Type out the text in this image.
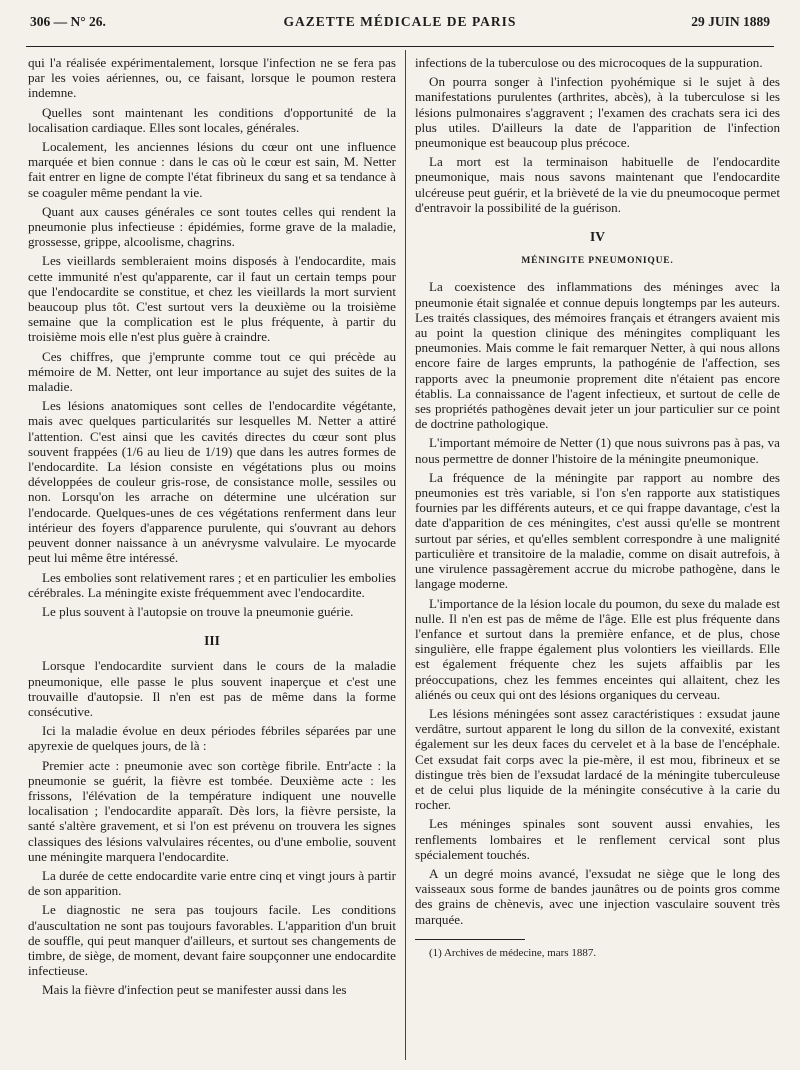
306 — N° 26.	GAZETTE MÉDICALE DE PARIS	29 JUIN 1889

qui l'a réalisée expérimentalement, lorsque l'infection ne se fera pas par les voies aériennes, ou, ce faisant, lorsque le poumon restera indemne.

Quelles sont maintenant les conditions d'opportunité de la localisation cardiaque. Elles sont locales, générales.

Localement, les anciennes lésions du cœur ont une influence marquée et bien connue : dans le cas où le cœur est sain, M. Netter fait entrer en ligne de compte l'état fibrineux du sang et sa tendance à se coaguler même pendant la vie.

Quant aux causes générales ce sont toutes celles qui rendent la pneumonie plus infectieuse : épidémies, forme grave de la maladie, grossesse, grippe, alcoolisme, chagrins.

Les vieillards sembleraient moins disposés à l'endocardite, mais cette immunité n'est qu'apparente, car il faut un certain temps pour que l'endocardite se constitue, et chez les vieillards la mort survient beaucoup plus tôt. C'est surtout vers la deuxième ou la troisième semaine que la complication est le plus fréquente, à partir du troisième mois elle n'est plus guère à craindre.

Ces chiffres, que j'emprunte comme tout ce qui précède au mémoire de M. Netter, ont leur importance au sujet des suites de la maladie.

Les lésions anatomiques sont celles de l'endocardite végétante, mais avec quelques particularités sur lesquelles M. Netter a attiré l'attention. C'est ainsi que les cavités directes du cœur sont plus souvent frappées (1/6 au lieu de 1/19) que dans les autres formes de l'endocardite. La lésion consiste en végétations plus ou moins développées de couleur gris-rose, de consistance molle, sessiles ou non. Lorsqu'on les arrache on détermine une ulcération sur l'endocarde. Quelques-unes de ces végétations renferment dans leur intérieur des foyers d'apparence purulente, qui s'ouvrant au dehors peuvent donner naissance à un anévrysme valvulaire. Le myocarde peut lui même être intéressé.

Les embolies sont relativement rares ; et en particulier les embolies cérébrales. La méningite existe fréquemment avec l'endocardite.

Le plus souvent à l'autopsie on trouve la pneumonie guérie.

III

Lorsque l'endocardite survient dans le cours de la maladie pneumonique, elle passe le plus souvent inaperçue et c'est une trouvaille d'autopsie. Il n'en est pas de même dans la forme consécutive.

Ici la maladie évolue en deux périodes fébriles séparées par une apyrexie de quelques jours, de là :

Premier acte : pneumonie avec son cortège fibrile. Entr'acte : la pneumonie se guérit, la fièvre est tombée. Deuxième acte : les frissons, l'élévation de la température indiquent une nouvelle localisation ; l'endocardite apparaît. Dès lors, la fièvre persiste, la santé s'altère gravement, et si l'on est prévenu on trouvera les signes classiques des lésions valvulaires récentes, ou d'une embolie, souvent une méningite marquera l'endocardite.

La durée de cette endocardite varie entre cinq et vingt jours à partir de son apparition.

Le diagnostic ne sera pas toujours facile. Les conditions d'auscultation ne sont pas toujours favorables. L'apparition d'un bruit de souffle, qui peut manquer d'ailleurs, et surtout ses changements de timbre, de siège, de moment, devant faire soupçonner une endocardite infectieuse.

Mais la fièvre d'infection peut se manifester aussi dans les

infections de la tuberculose ou des microcoques de la suppuration.

On pourra songer à l'infection pyohémique si le sujet à des manifestations purulentes (arthrites, abcès), à la tuberculose si les lésions pulmonaires s'aggravent ; l'examen des crachats sera ici des plus utiles. D'ailleurs la date de l'apparition de l'infection pneumonique est beaucoup plus précoce.

La mort est la terminaison habituelle de l'endocardite pneumonique, mais nous savons maintenant que l'endocardite ulcéreuse peut guérir, et la brièveté de la vie du pneumocoque permet d'entravoir la possibilité de la guérison.

IV
MÉNINGITE PNEUMONIQUE.

La coexistence des inflammations des méninges avec la pneumonie était signalée et connue depuis longtemps par les auteurs. Les traités classiques, des mémoires français et étrangers avaient mis au point la question clinique des méningites compliquant les pneumonies. Mais comme le fait remarquer Netter, à qui nous allons encore faire de larges emprunts, la pathogénie de l'affection, ses rapports avec la pneumonie proprement dite n'étaient pas encore établis. La connaissance de l'agent infectieux, et surtout de celle de ses propriétés pathogènes devait jeter un jour particulier sur ce point de doctrine pathologique.

L'important mémoire de Netter (1) que nous suivrons pas à pas, va nous permettre de donner l'histoire de la méningite pneumonique.

La fréquence de la méningite par rapport au nombre des pneumonies est très variable, si l'on s'en rapporte aux statistiques fournies par les différents auteurs, et ce qui frappe davantage, c'est la date d'apparition de ces méningites, c'est aussi qu'elle se montrent surtout par séries, et qu'elles semblent correspondre à une malignité particulière et transitoire de la maladie, comme on disait autrefois, à une virulence passagèrement accrue du microbe pathogène, dans le langage moderne.

L'importance de la lésion locale du poumon, du sexe du malade est nulle. Il n'en est pas de même de l'âge. Elle est plus fréquente dans l'enfance et surtout dans la première enfance, et de plus, chose singulière, elle frappe également plus volontiers les vieillards. Elle est également fréquente chez les sujets affaiblis par les préoccupations, chez les femmes enceintes qui allaitent, chez les aliénés ou ceux qui ont des lésions organiques du cerveau.

Les lésions méningées sont assez caractéristiques : exsudat jaune verdâtre, surtout apparent le long du sillon de la convexité, existant également sur les deux faces du cervelet et à la base de l'encéphale. Cet exsudat fait corps avec la pie-mère, il est mou, fibrineux et se distingue très bien de l'exsudat lardacé de la méningite tuberculeuse et de celui plus liquide de la méningite consécutive à la carie du rocher.

Les méninges spinales sont souvent aussi envahies, les renflements lombaires et le renflement cervical sont plus spécialement touchés.

A un degré moins avancé, l'exsudat ne siège que le long des vaisseaux sous forme de bandes jaunâtres ou de points gros comme des grains de chènevis, avec une injection vasculaire souvent très marquée.

(1) Archives de médecine, mars 1887.
